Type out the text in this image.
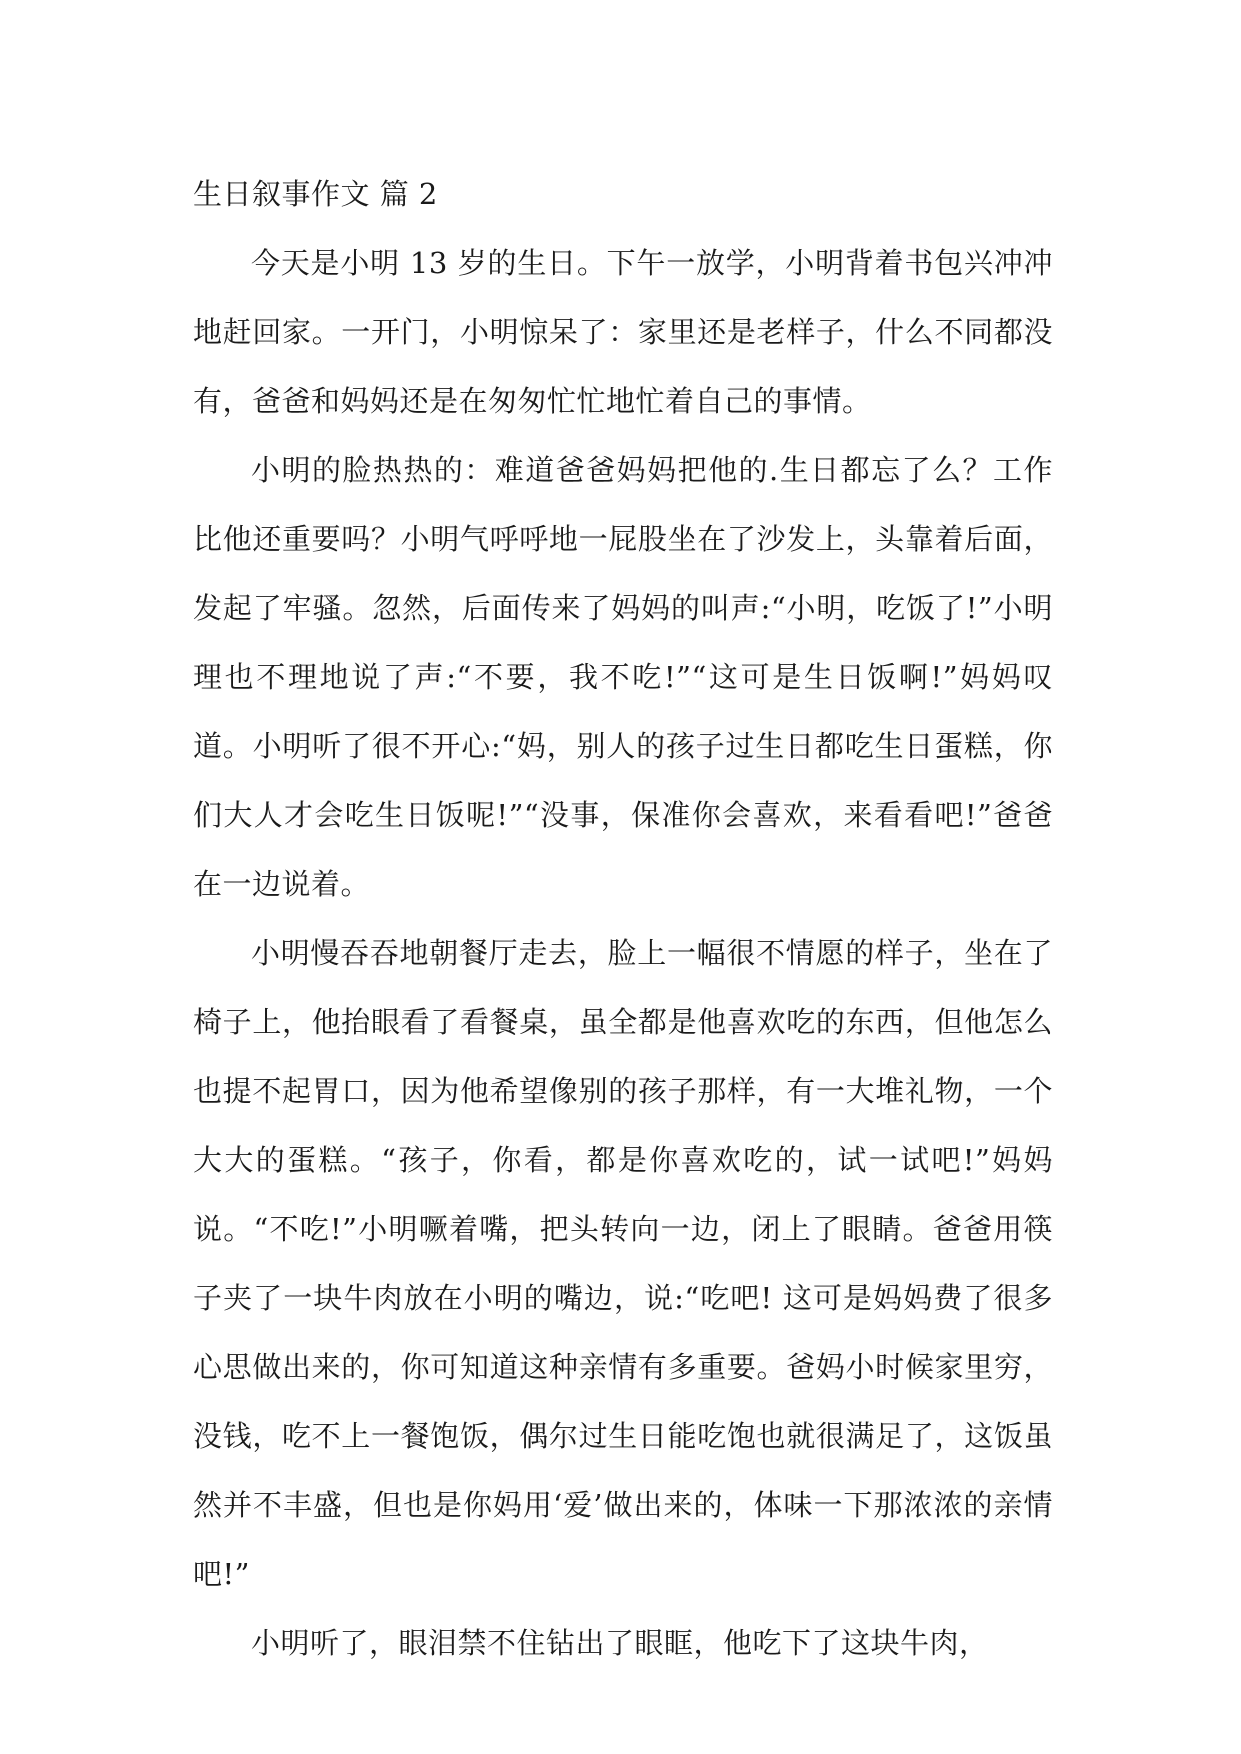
生日叙事作文 篇 2

今天是小明 13 岁的生日。下午一放学，小明背着书包兴冲冲地赶回家。一开门，小明惊呆了：家里还是老样子，什么不同都没有，爸爸和妈妈还是在匆匆忙忙地忙着自己的事情。

小明的脸热热的：难道爸爸妈妈把他的.生日都忘了么？工作比他还重要吗？小明气呼呼地一屁股坐在了沙发上，头靠着后面，发起了牢骚。忽然，后面传来了妈妈的叫声:“小明，吃饭了!”小明理也不理地说了声:“不要，我不吃!”“这可是生日饭啊!”妈妈叹道。小明听了很不开心:“妈，别人的孩子过生日都吃生日蛋糕，你们大人才会吃生日饭呢!”“没事，保准你会喜欢，来看看吧!”爸爸在一边说着。

小明慢吞吞地朝餐厅走去，脸上一幅很不情愿的样子，坐在了椅子上，他抬眼看了看餐桌，虽全都是他喜欢吃的东西，但他怎么也提不起胃口，因为他希望像别的孩子那样，有一大堆礼物，一个大大的蛋糕。“孩子，你看，都是你喜欢吃的，试一试吧!”妈妈说。“不吃!”小明噘着嘴，把头转向一边，闭上了眼睛。爸爸用筷子夹了一块牛肉放在小明的嘴边，说:“吃吧! 这可是妈妈费了很多心思做出来的，你可知道这种亲情有多重要。爸妈小时候家里穷，没钱，吃不上一餐饱饭，偶尔过生日能吃饱也就很满足了，这饭虽然并不丰盛，但也是你妈用‘爱’做出来的，体味一下那浓浓的亲情吧!”

小明听了，眼泪禁不住钻出了眼眶，他吃下了这块牛肉，
